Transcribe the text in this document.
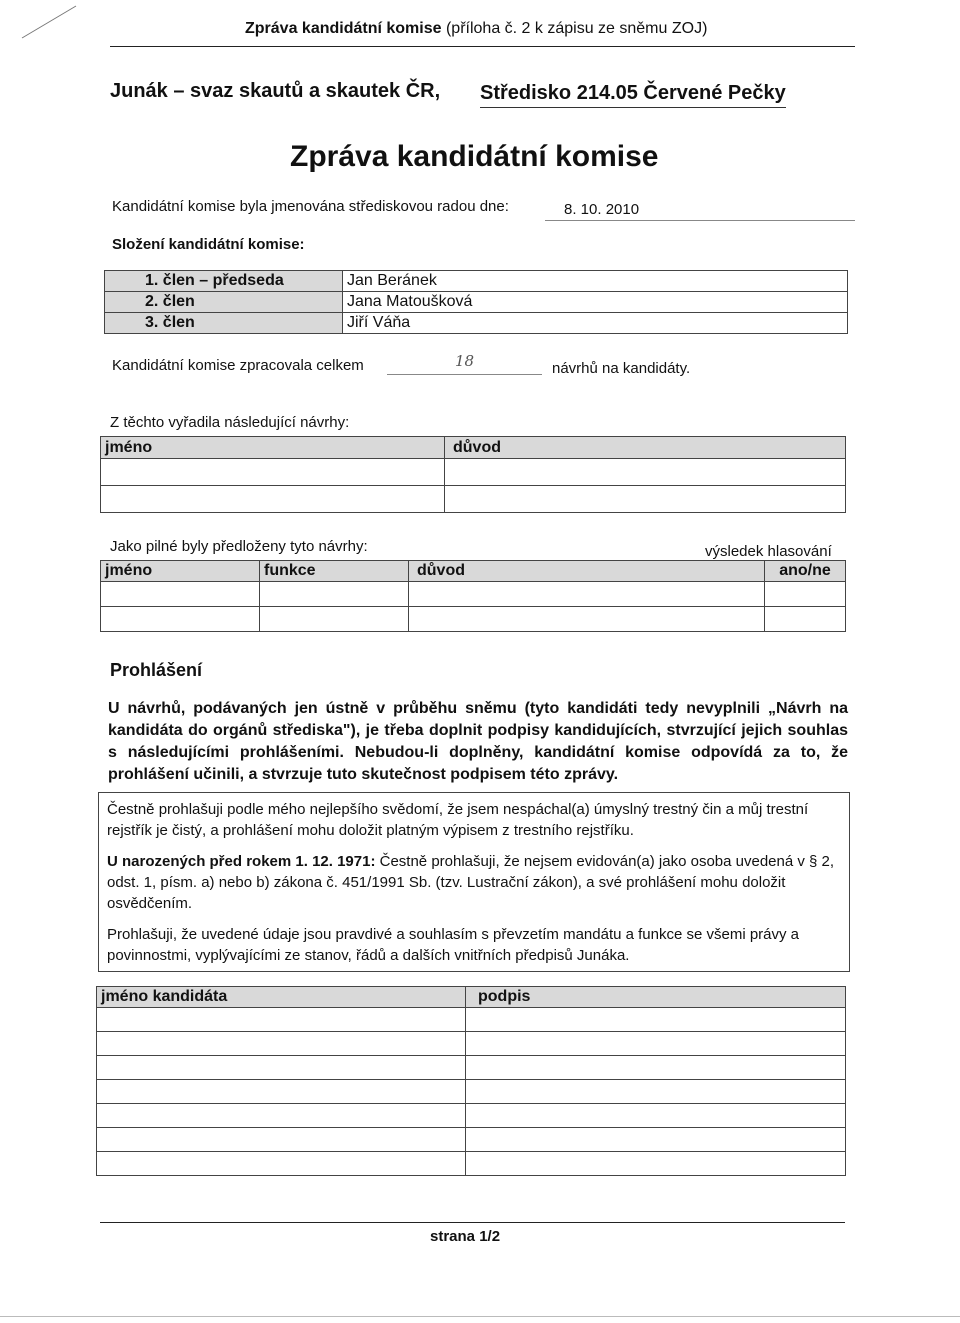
Zpráva kandidátní komise (příloha č. 2 k zápisu ze sněmu ZOJ)
Junák – svaz skautů a skautek ČR, Středisko 214.05 Červené Pečky
Zpráva kandidátní komise
Kandidátní komise byla jmenována střediskovou radou dne:	8. 10. 2010
Složení kandidátní komise:
1. člen – předseda	Jan Beránek
2. člen	Jana Matoušková
3. člen	Jiří Váňa
Kandidátní komise zpracovala celkem	18	návrhů na kandidáty.
Z těchto vyřadila následující návrhy:
jméno	důvod

Jako pilné byly předloženy tyto návrhy:	výsledek hlasování
jméno	funkce	důvod	ano/ne

Prohlášení
U návrhů, podávaných jen ústně v průběhu sněmu (tyto kandidáti tedy nevyplnili „Návrh na kandidáta do orgánů střediska"), je třeba doplnit podpisy kandidujících, stvrzující jejich souhlas s následujícími prohlášeními. Nebudou-li doplněny, kandidátní komise odpovídá za to, že prohlášení učinili, a stvrzuje tuto skutečnost podpisem této zprávy.
Čestně prohlašuji podle mého nejlepšího svědomí, že jsem nespáchal(a) úmyslný trestný čin a můj trestní rejstřík je čistý, a prohlášení mohu doložit platným výpisem z trestního rejstříku.
U narozených před rokem 1. 12. 1971: Čestně prohlašuji, že nejsem evidován(a) jako osoba uvedená v § 2, odst. 1, písm. a) nebo b) zákona č. 451/1991 Sb. (tzv. Lustrační zákon), a své prohlášení mohu doložit osvědčením.
Prohlašuji, že uvedené údaje jsou pravdivé a souhlasím s převzetím mandátu a funkce se všemi právy a povinnostmi, vyplývajícími ze stanov, řádů a dalších vnitřních předpisů Junáka.
jméno kandidáta	podpis

strana 1/2
